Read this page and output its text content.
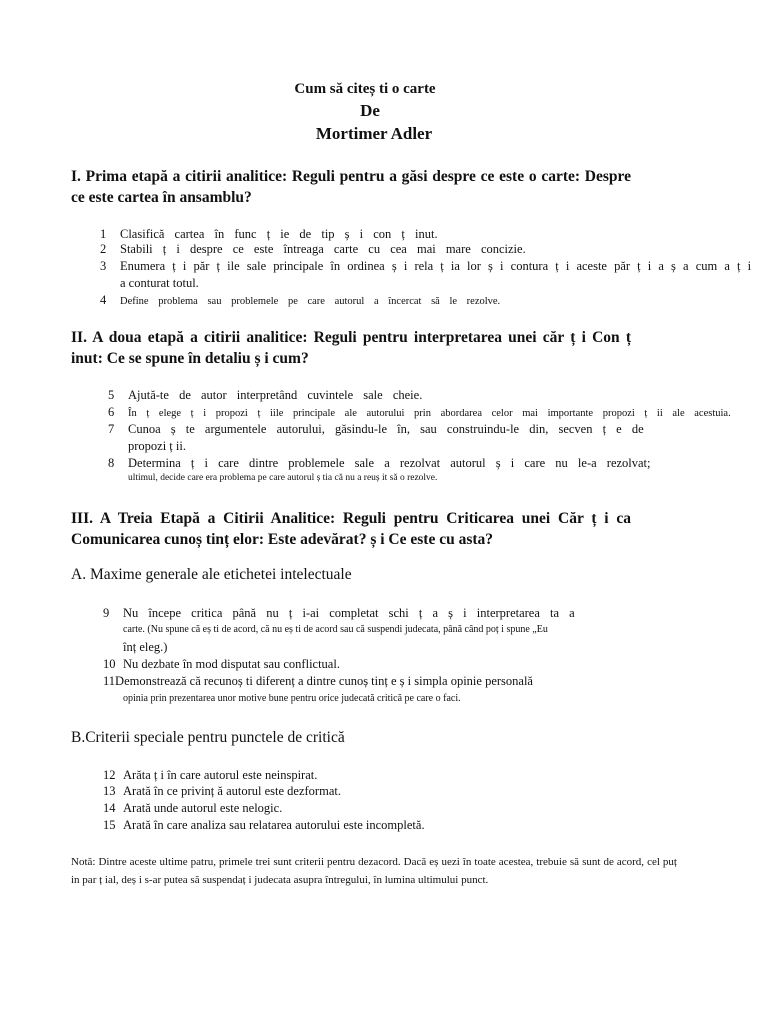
Cum să citeș ti o carte
De
Mortimer Adler
I. Prima etapă a citirii analitice: Reguli pentru a găsi despre ce este o carte: Despre ce este cartea în ansamblu?
1 Clasifică cartea în func ț ie de tip ș i con ț inut.
2 Stabili ț i despre ce este întreaga carte cu cea mai mare concizie.
3 Enumera ț i păr ț ile sale principale în ordinea ș i rela ț ia lor ș i contura ț i aceste păr ț i a ș a cum a ț i
a conturat totul.
4 Define problema sau problemele pe care autorul a încercat să le rezolve.
II. A doua etapă a citirii analitice: Reguli pentru interpretarea unei căr ț i Con ț inut: Ce se spune în detaliu ș i cum?
5 Ajută-te de autor interpretând cuvintele sale cheie.
6 În ț elege ț i propozi ț iile principale ale autorului prin abordarea celor mai importante propozi ț ii ale acestuia.
7 Cunoa ș te argumentele autorului, găsindu-le în, sau construindu-le din, secven ț e de
propozi ț ii.
8 Determina ț i care dintre problemele sale a rezolvat autorul ș i care nu le-a rezolvat;
ultimul, decide care era problema pe care autorul ș tia că nu a reuș it să o rezolve.
III. A Treia Etapă a Citirii Analitice: Reguli pentru Criticarea unei Căr ț i ca Comunicarea cunoș tinț elor: Este adevărat? ș i Ce este cu asta?
A. Maxime generale ale etichetei intelectuale
9 Nu începe critica până nu ț i-ai completat schi ț a ș i interpretarea ta a
carte. (Nu spune că eș ti de acord, că nu eș ti de acord sau că suspendi judecata, până când poț i spune „Eu
înț eleg.)
10 Nu dezbate în mod disputat sau conflictual.
11Demonstrează că recunoș ti diferenț a dintre cunoș tinț e ș i simpla opinie personală
opinia prin prezentarea unor motive bune pentru orice judecată critică pe care o faci.
B.Criterii speciale pentru punctele de critică
12 Arăta ț i în care autorul este neinspirat.
13 Arată în ce privinț ă autorul este dezformat.
14 Arată unde autorul este nelogic.
15 Arată în care analiza sau relatarea autorului este incompletă.
Notă: Dintre aceste ultime patru, primele trei sunt criterii pentru dezacord. Dacă eș uezi în toate acestea, trebuie să sunt de acord, cel puț in par ț ial, deș i s-ar putea să suspendaț i judecata asupra întregului, în lumina ultimului punct.
